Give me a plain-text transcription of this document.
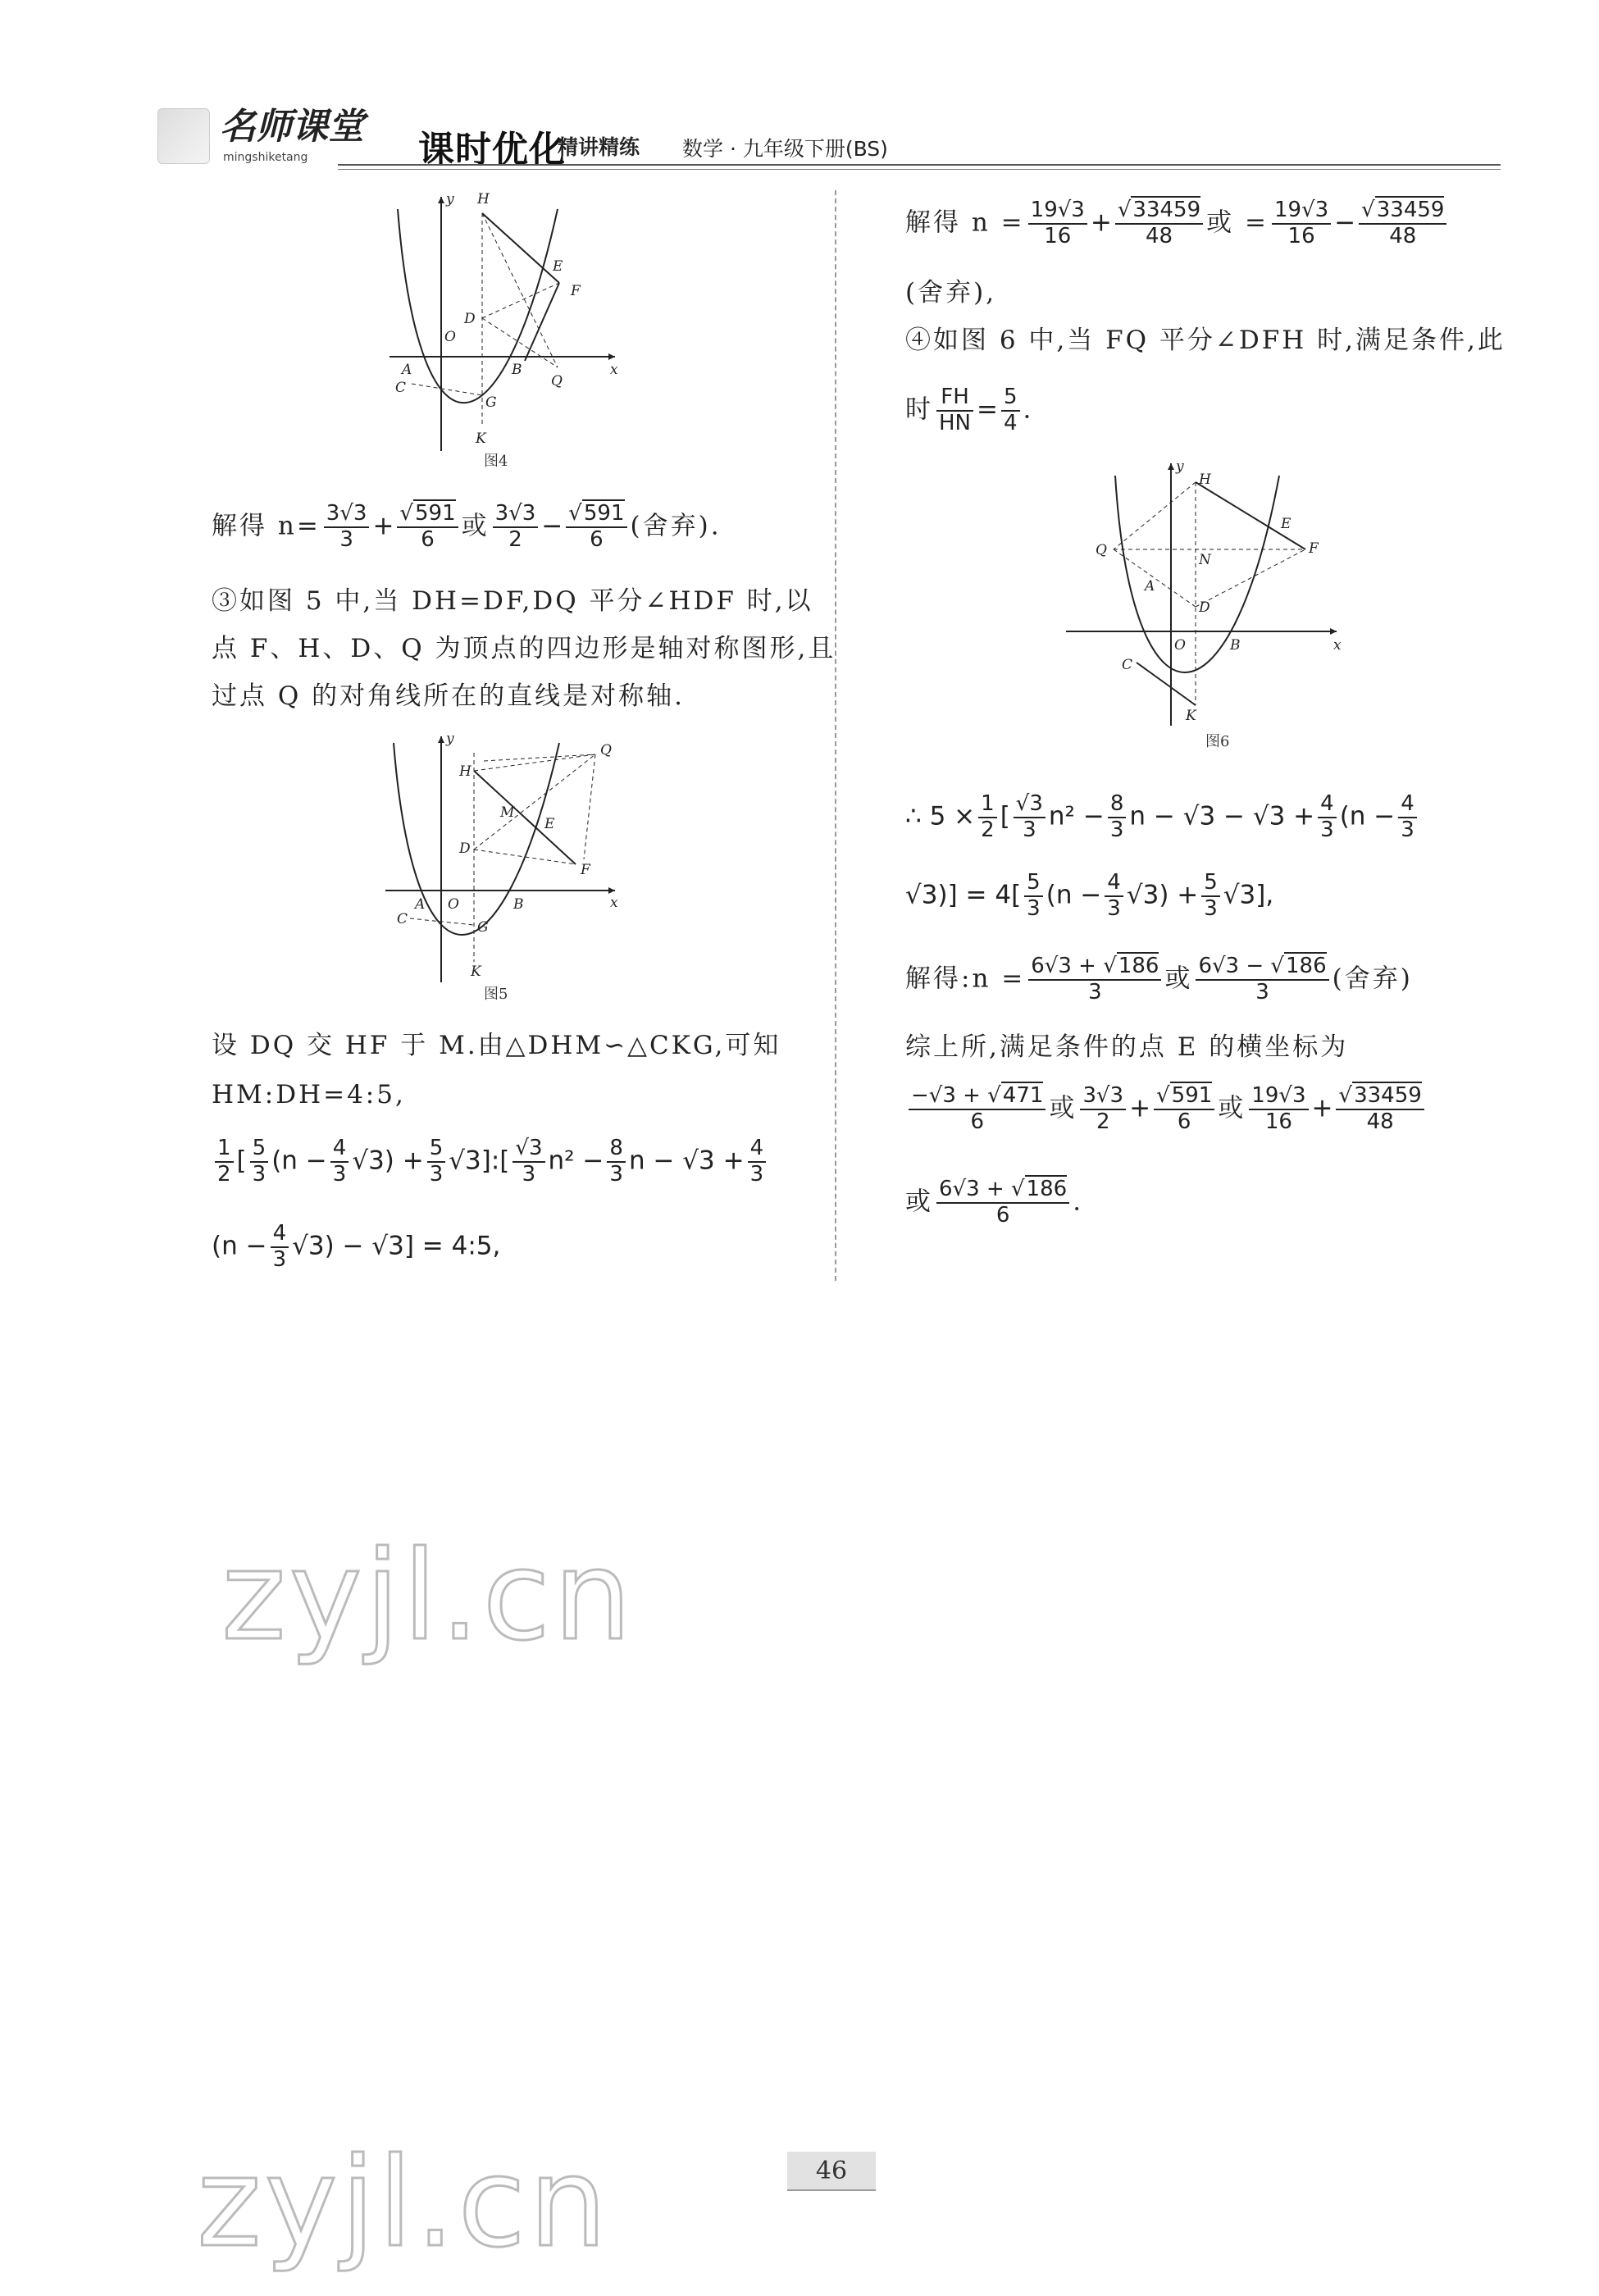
名师课堂
mingshiketang	课时优化
精讲精练 数学 · 九年级下册(BS)
y H
E
F
D
A
O
B	x
C
G
Q
K
图4
解得 $n= \frac{3√3}{3} + \frac{√591}{6}$ 或 $\frac{3√3}{2} - \frac{√591}{6}$ (舍弃).
③如图 5 中,当 DH=DF,DQ 平分∠HDF 时,以
点 F、H、D、Q 为顶点的四边形是轴对称图形,且
过点 Q 的对角线所在的直线是对称轴.
y
H
Q
M
E
D
F
A O	B	x
C	G
K
图5
设 DQ 交 HF 于 M.由△DHM∽△CKG,可知
HM:DH=4:5,
$\frac{1}{2}$ [ $\frac{5}{3} (n - \frac{4}{3} √3) + \frac{5}{3}$ √3]:[ $\frac{√3}{3} n^2 - \frac{8}{3}$ $n - √3 + \frac{4}{3}$
$(n - \frac{4}{3} √3) - √3$] = 4:5,
解得 $n = \frac{19√3}{16} + \frac{√33459}{48}$ 或 = $\frac{19√3}{16} - \frac{√33459}{48}$
(舍弃),
④如图 6 中,当 FQ 平分∠DFH 时,满足条件,此
时 $\frac{FH}{HN} = \frac{5}{4}$ .
y
H
E
Q
N
F
A
D
O	B	x
C
K
图6
∴ $5 \times \frac{1}{2}$ [ $\frac{√3}{3} n^2 - \frac{8}{3}$ $n - √3 - √3 + \frac{4}{3} (n - \frac{4}{3}$
$√3)] = 4[ \frac{5}{3} (n - \frac{4}{3} √3) + \frac{5}{3} √3]$,
解得:n = $\frac{6√3 + √186}{3}$ 或 $\frac{6√3 - √186}{3}$ (舍弃)
综上所,满足条件的点 E 的横坐标为
$\frac{-√3 + √471}{6}$ 或 $\frac{3√3}{2} + \frac{√591}{6}$ 或 $\frac{19√3}{16} + \frac{√33459}{48}$
或 $\frac{6√3 + √186}{6}$ .
zyjl.cn
zyjl.cn	46
